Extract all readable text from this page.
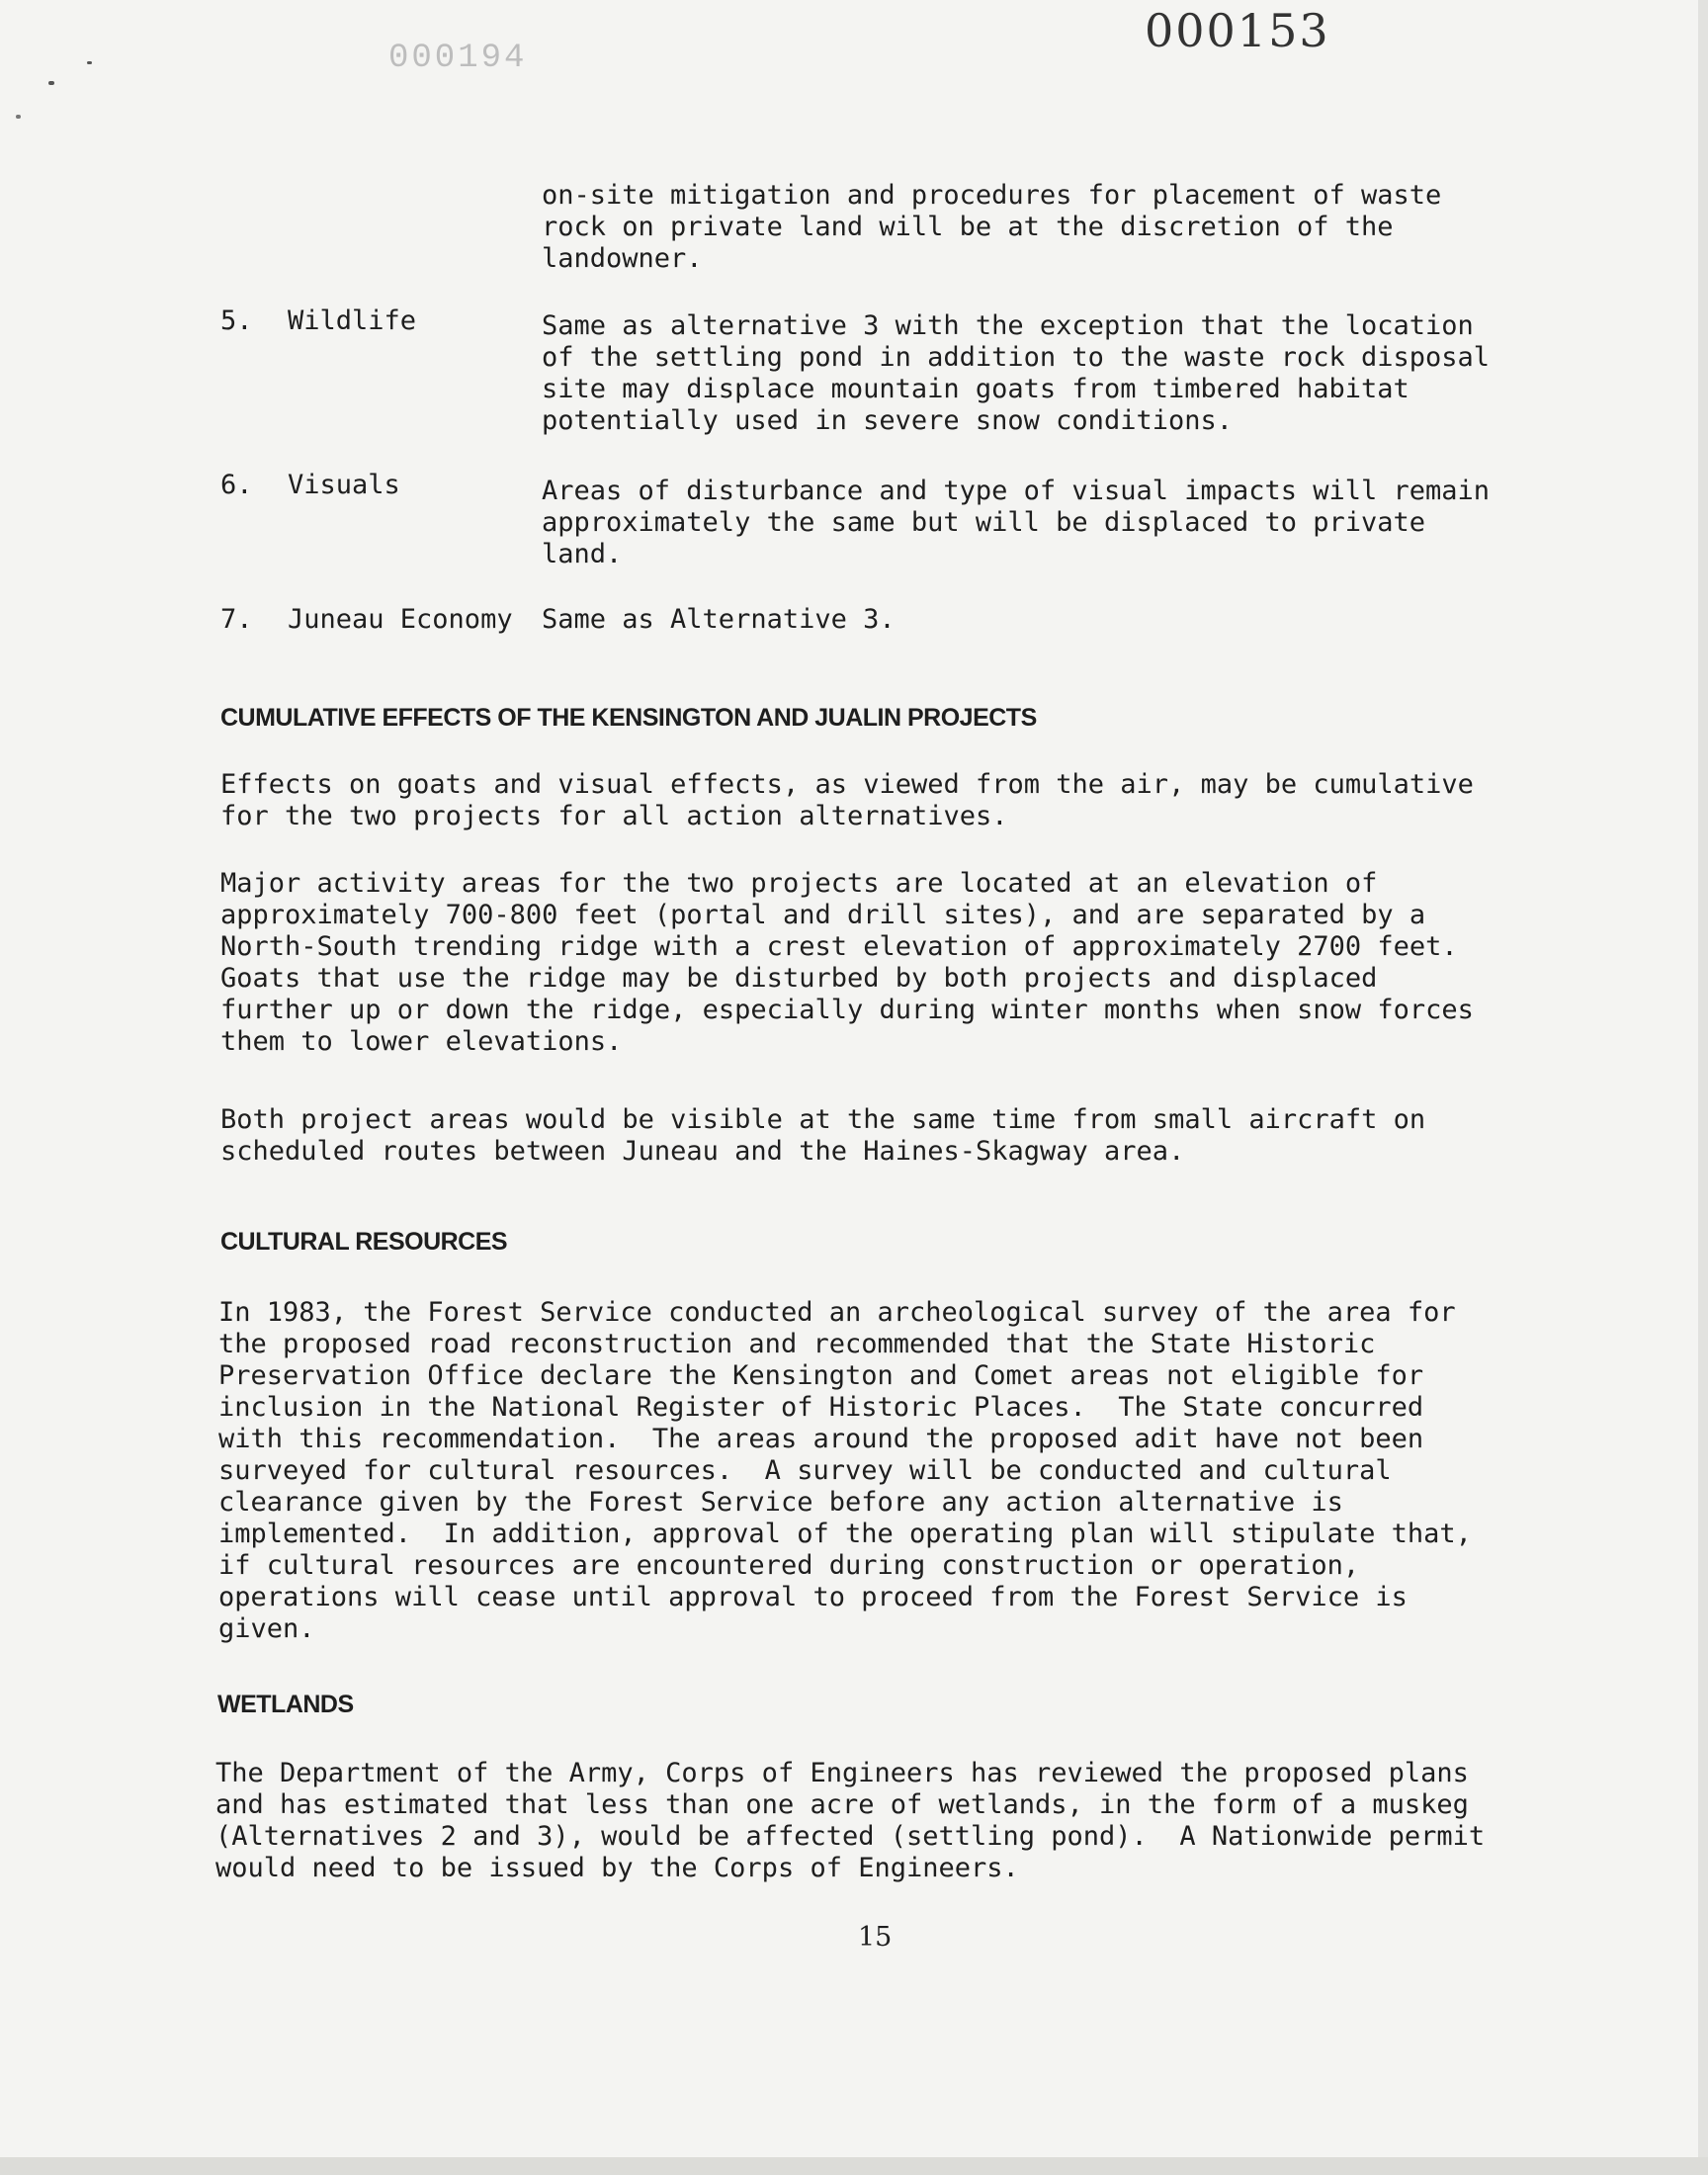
000153
000194

on-site mitigation and procedures for placement of waste
rock on private land will be at the discretion of the
landowner.

5. Wildlife	Same as alternative 3 with the exception that the location
of the settling pond in addition to the waste rock disposal
site may displace mountain goats from timbered habitat
potentially used in severe snow conditions.

6. Visuals	Areas of disturbance and type of visual impacts will remain
approximately the same but will be displaced to private
land.

7. Juneau Economy Same as Alternative 3.

CUMULATIVE EFFECTS OF THE KENSINGTON AND JUALIN PROJECTS

Effects on goats and visual effects, as viewed from the air, may be cumulative
for the two projects for all action alternatives.

Major activity areas for the two projects are located at an elevation of
approximately 700-800 feet (portal and drill sites), and are separated by a
North-South trending ridge with a crest elevation of approximately 2700 feet.
Goats that use the ridge may be disturbed by both projects and displaced
further up or down the ridge, especially during winter months when snow forces
them to lower elevations.

Both project areas would be visible at the same time from small aircraft on
scheduled routes between Juneau and the Haines-Skagway area.

CULTURAL RESOURCES

In 1983, the Forest Service conducted an archeological survey of the area for
the proposed road reconstruction and recommended that the State Historic
Preservation Office declare the Kensington and Comet areas not eligible for
inclusion in the National Register of Historic Places.  The State concurred
with this recommendation.  The areas around the proposed adit have not been
surveyed for cultural resources.  A survey will be conducted and cultural
clearance given by the Forest Service before any action alternative is
implemented.  In addition, approval of the operating plan will stipulate that,
if cultural resources are encountered during construction or operation,
operations will cease until approval to proceed from the Forest Service is
given.

WETLANDS

The Department of the Army, Corps of Engineers has reviewed the proposed plans
and has estimated that less than one acre of wetlands, in the form of a muskeg
(Alternatives 2 and 3), would be affected (settling pond).  A Nationwide permit
would need to be issued by the Corps of Engineers.

15
